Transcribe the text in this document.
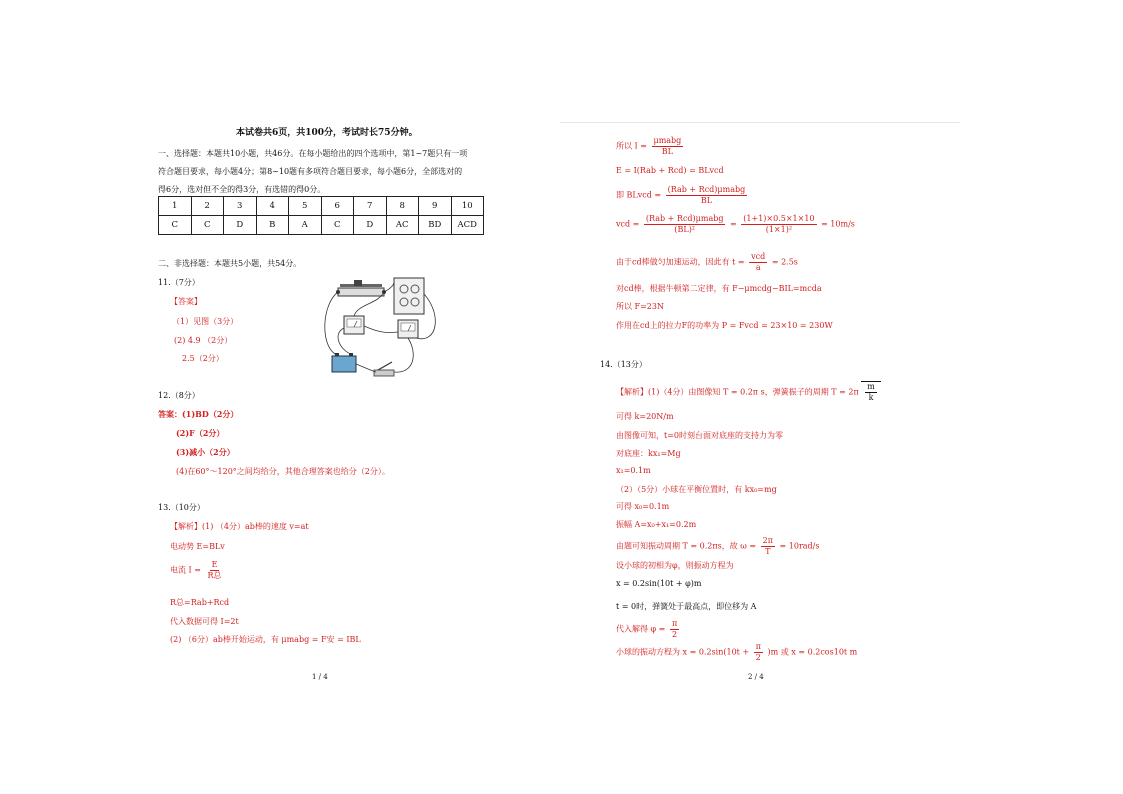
本试卷共6页，共100分，考试时长75分钟。
一、选择题：本题共10小题，共46分。在每小题给出的四个选项中，第1~7题只有一项
符合题目要求，每小题4分；第8~10题有多项符合题目要求，每小题6分，全部选对的
得6分，选对但不全的得3分，有选错的得0分。
1	2	3	4	5	6	7	8	9	10
C	C	D	B	A	C	D	AC	BD	ACD
二、非选择题：本题共5小题，共54分。
11.（7分）
【答案】
（1）见图（3分）
(2) 4.9 （2分）
2.5（2分）
12.（8分）
答案：(1)BD（2分）
(2)F（2分）
(3)减小（2分）
(4)在60°～120°之间均给分，其他合理答案也给分（2分）。
13.（10分）
【解析】(1) （4分）ab棒的速度 v=at
电动势 E=BLv
电流 $I = \frac{E}{\text{R总}}$
R总=Rab+Rcd
代入数据可得 I=2t
(2) （6分）ab棒开始运动，有 μmabg = F安 = IBL
1 / 4
所以 $I = \frac{\text{μmabg}}{BL}$
E = I(Rab + Rcd) = BLvcd
即 BLvcd = $\frac{\text{(Rab + Rcd)μmabg}}{BL}$
vcd = $\frac{\text{(Rab + Rcd)μmabg}}{\text{(BL)²}} = \frac{(1+1)\times 0.5\times 1\times 10}{\text{(1×1)²}} = 10m/s$
由于cd棒做匀加速运动，因此有 $t = \frac{\text{vcd}}{a} = 2.5s$
对cd棒，根据牛顿第二定律，有 F−μmcdg−BIL=mcda
所以 F=23N
作用在cd上的拉力F的功率为 P = Fvcd = 23×10 = 230W
14.（13分）
【解析】(1)（4分）由图像知 T = 0.2π s，弹簧振子的周期 $T = 2\pi \frac{m}{k}$
可得 k=20N/m
由图像可知，t=0时刻台面对底座的支持力为零
对底座：kx₁=Mg
x₁=0.1m
（2）（5分）小球在平衡位置时，有 kx₀=mg
可得 x₀=0.1m
振幅 A=x₀+x₁=0.2m
由题可知振动周期 T = 0.2πs，故 $\omega = \frac{2\pi}{T} = 10rad/s$
设小球的初相为φ，则振动方程为
x = 0.2sin(10t + φ)m
t = 0时，弹簧处于最高点，即位移为 A
代入解得 $\varphi = \frac{\pi}{2}$
小球的振动方程为 $x = 0.2\sin(10t + \frac{\pi}{2} )m$ 或 x = 0.2cos10t m
2 / 4
